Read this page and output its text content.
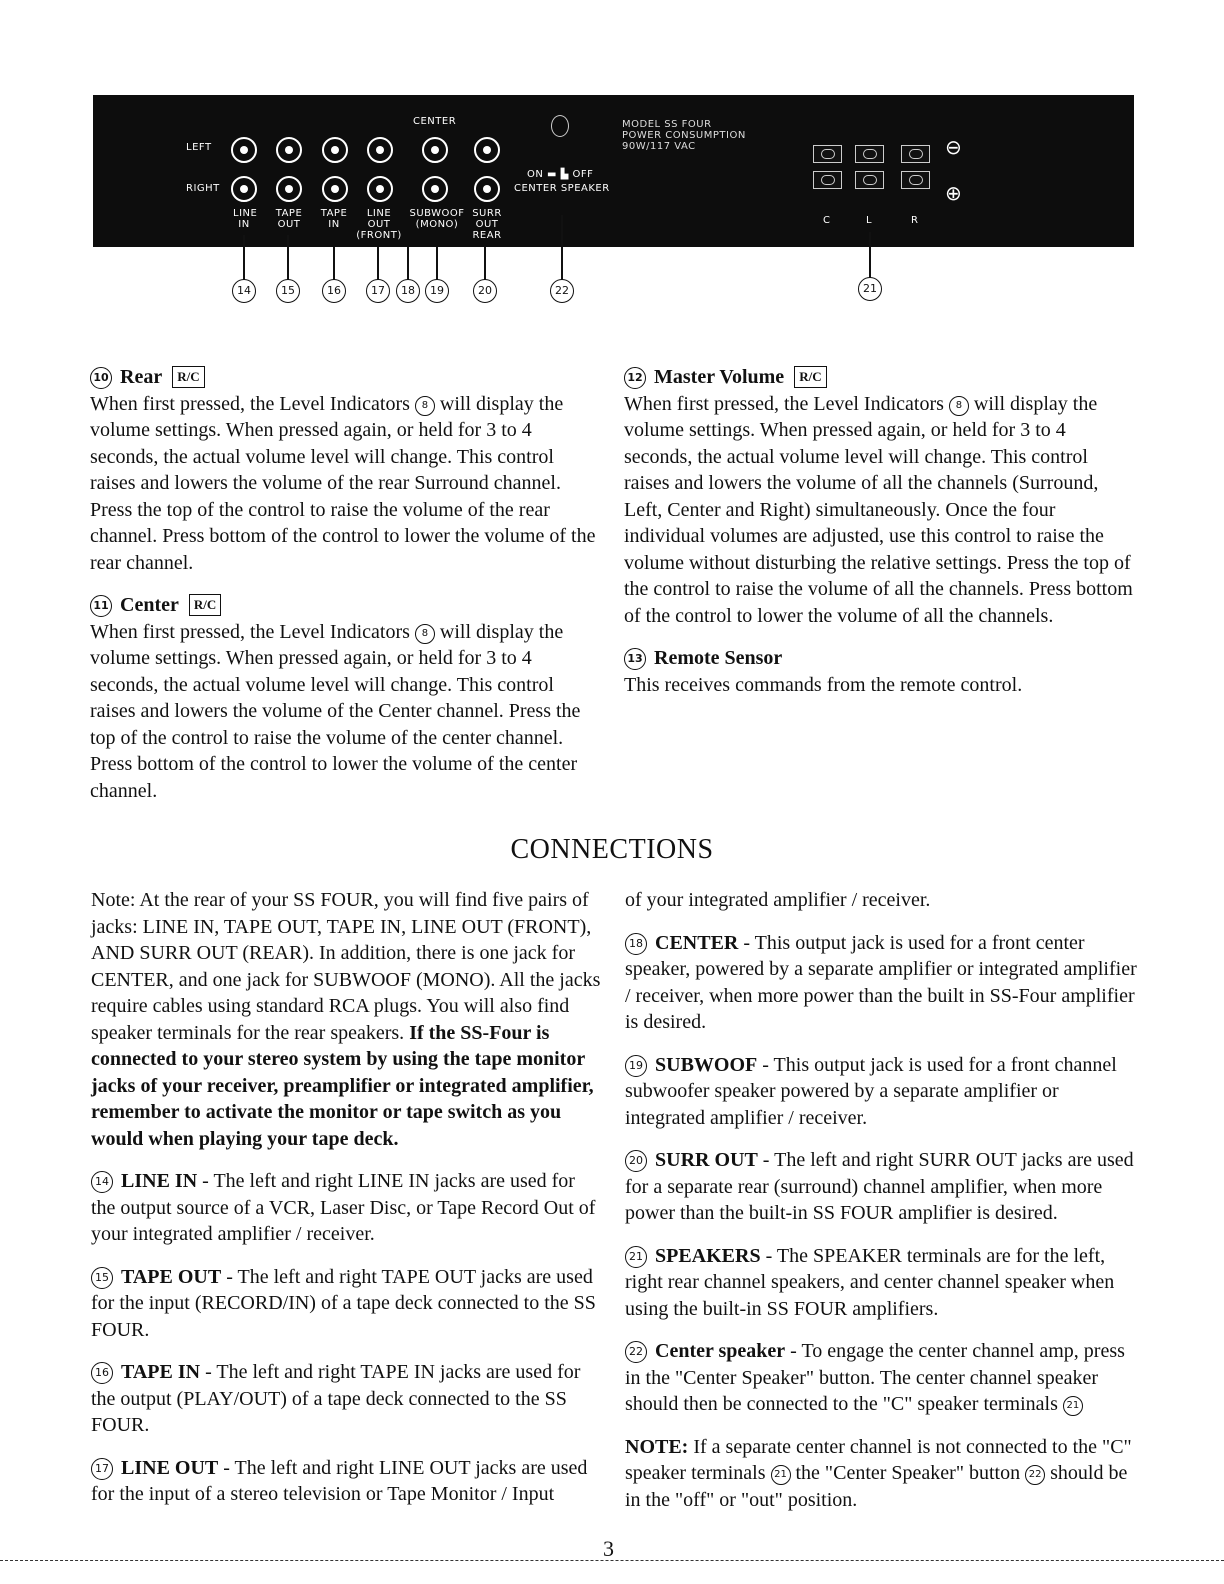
CENTER
LEFT
RIGHT
LINE
IN
TAPE
OUT
TAPE
IN
LINE
OUT
(FRONT)
SUBWOOF
(MONO)
SURR
OUT
REAR
ON ▬ ▙ OFF
CENTER SPEAKER
MODEL SS FOUR
POWER CONSUMPTION
90W/117 VAC
C	L	R
⊖
⊕
14	15	16	17	18	19	20	22	21

10 Rear R/C
When first pressed, the Level Indicators 8 will display the volume settings. When pressed again, or held for 3 to 4 seconds, the actual volume level will change. This control raises and lowers the volume of the rear Surround channel. Press the top of the control to raise the volume of the rear channel. Press bottom of the control to lower the volume of the rear channel.

11 Center R/C
When first pressed, the Level Indicators 8 will display the volume settings. When pressed again, or held for 3 to 4 seconds, the actual volume level will change. This control raises and lowers the volume of the Center channel. Press the top of the control to raise the volume of the center channel. Press bottom of the control to lower the volume of the center channel.

12 Master Volume R/C
When first pressed, the Level Indicators 8 will display the volume settings. When pressed again, or held for 3 to 4 seconds, the actual volume level will change. This control raises and lowers the volume of all the channels (Surround, Left, Center and Right) simultaneously. Once the four individual volumes are adjusted, use this control to raise the volume without disturbing the relative settings. Press the top of the control to raise the volume of all the channels. Press bottom of the control to lower the volume of all the channels.

13 Remote Sensor
This receives commands from the remote control.

CONNECTIONS

Note: At the rear of your SS FOUR, you will find five pairs of jacks: LINE IN, TAPE OUT, TAPE IN, LINE OUT (FRONT), AND SURR OUT (REAR). In addition, there is one jack for CENTER, and one jack for SUBWOOF (MONO). All the jacks require cables using standard RCA plugs. You will also find speaker terminals for the rear speakers. If the SS-Four is connected to your stereo system by using the tape monitor jacks of your receiver, preamplifier or integrated amplifier, remember to activate the monitor or tape switch as you would when playing your tape deck.

14 LINE IN - The left and right LINE IN jacks are used for the output source of a VCR, Laser Disc, or Tape Record Out of your integrated amplifier / receiver.

15 TAPE OUT - The left and right TAPE OUT jacks are used for the input (RECORD/IN) of a tape deck connected to the SS FOUR.

16 TAPE IN - The left and right TAPE IN jacks are used for the output (PLAY/OUT) of a tape deck connected to the SS FOUR.

17 LINE OUT - The left and right LINE OUT jacks are used for the input of a stereo television or Tape Monitor / Input

of your integrated amplifier / receiver.

18 CENTER - This output jack is used for a front center speaker, powered by a separate amplifier or integrated amplifier / receiver, when more power than the built in SS-Four amplifier is desired.

19 SUBWOOF - This output jack is used for a front channel subwoofer speaker powered by a separate amplifier or integrated amplifier / receiver.

20 SURR OUT - The left and right SURR OUT jacks are used for a separate rear (surround) channel amplifier, when more power than the built-in SS FOUR amplifier is desired.

21 SPEAKERS - The SPEAKER terminals are for the left, right rear channel speakers, and center channel speaker when using the built-in SS FOUR amplifiers.

22 Center speaker - To engage the center channel amp, press in the "Center Speaker" button. The center channel speaker should then be connected to the "C" speaker terminals 21

NOTE: If a separate center channel is not connected to the "C" speaker terminals 21 the "Center Speaker" button 22 should be in the "off" or "out" position.

3
